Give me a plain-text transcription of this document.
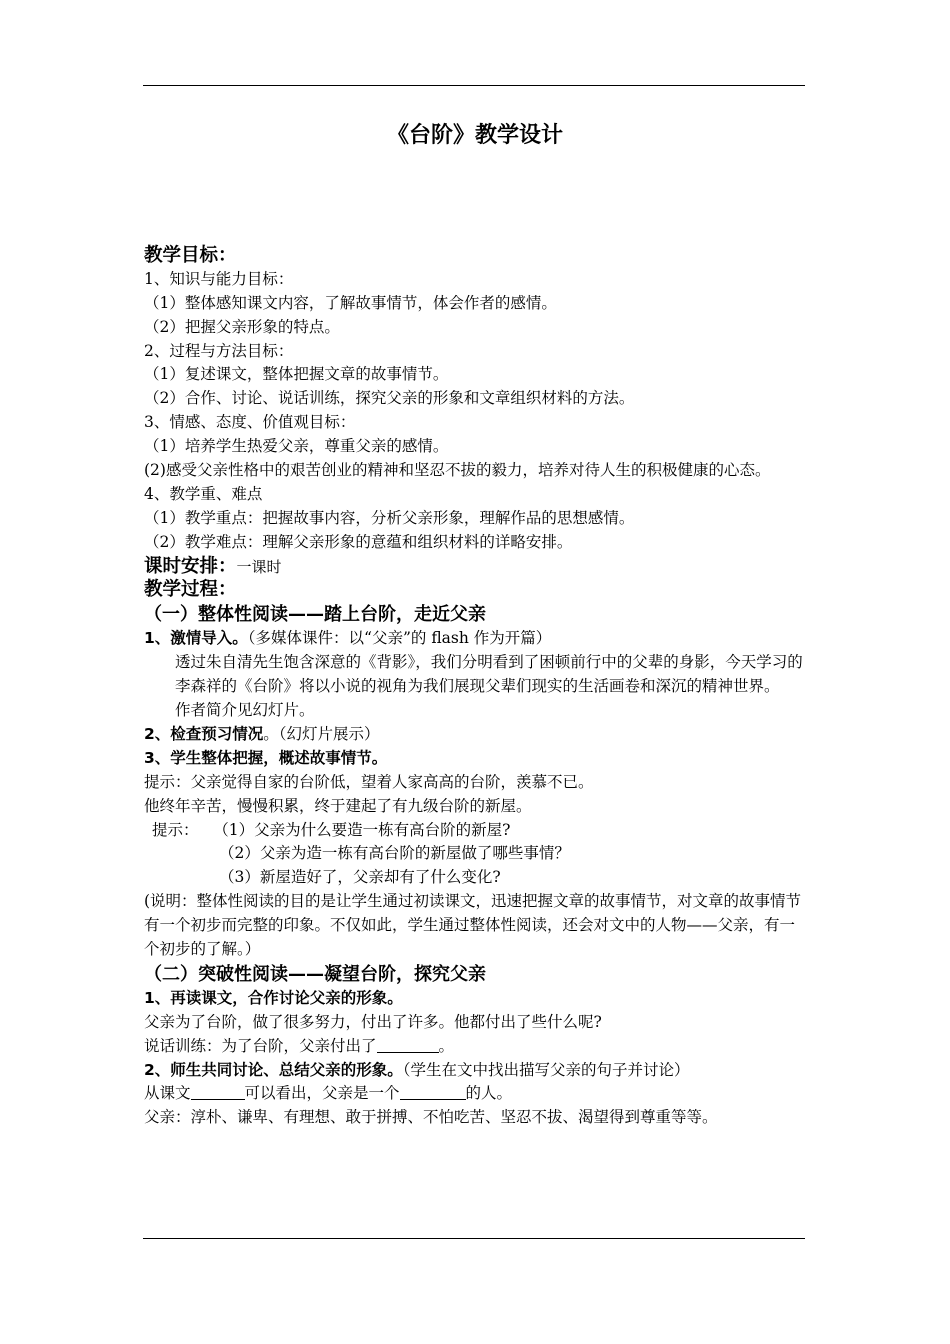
《台阶》教学设计
教学目标：
1、知识与能力目标：
（1）整体感知课文内容，了解故事情节，体会作者的感情。
（2）把握父亲形象的特点。
2、过程与方法目标：
（1）复述课文，整体把握文章的故事情节。
（2）合作、讨论、说话训练，探究父亲的形象和文章组织材料的方法。
3、情感、态度、价值观目标：
（1）培养学生热爱父亲，尊重父亲的感情。
(2)感受父亲性格中的艰苦创业的精神和坚忍不拔的毅力，培养对待人生的积极健康的心态。
4、教学重、难点
（1）教学重点：把握故事内容，分析父亲形象，理解作品的思想感情。
（2）教学难点：理解父亲形象的意蕴和组织材料的详略安排。
课时安排：一课时
教学过程：
（一）整体性阅读——踏上台阶，走近父亲
1、激情导入。（多媒体课件：以“父亲”的 flash 作为开篇）
透过朱自清先生饱含深意的《背影》，我们分明看到了困顿前行中的父辈的身影，今天学习的李森祥的《台阶》将以小说的视角为我们展现父辈们现实的生活画卷和深沉的精神世界。
作者简介见幻灯片。
2、检查预习情况。（幻灯片展示）
3、学生整体把握，概述故事情节。
提示：父亲觉得自家的台阶低，望着人家高高的台阶，羡慕不已。
他终年辛苦，慢慢积累，终于建起了有九级台阶的新屋。
提示： （1）父亲为什么要造一栋有高台阶的新屋?
（2）父亲为造一栋有高台阶的新屋做了哪些事情？
（3）新屋造好了，父亲却有了什么变化?
(说明：整体性阅读的目的是让学生通过初读课文，迅速把握文章的故事情节，对文章的故事情节有一个初步而完整的印象。不仅如此，学生通过整体性阅读，还会对文中的人物——父亲，有一个初步的了解。）
（二）突破性阅读——凝望台阶，探究父亲
1、再读课文，合作讨论父亲的形象。
父亲为了台阶，做了很多努力，付出了许多。他都付出了些什么呢?
说话训练：为了台阶，父亲付出了	。
2、师生共同讨论、总结父亲的形象。（学生在文中找出描写父亲的句子并讨论）
从课文	可以看出，父亲是一个	的人。
父亲：淳朴、谦卑、有理想、敢于拼搏、不怕吃苦、坚忍不拔、渴望得到尊重等等。
